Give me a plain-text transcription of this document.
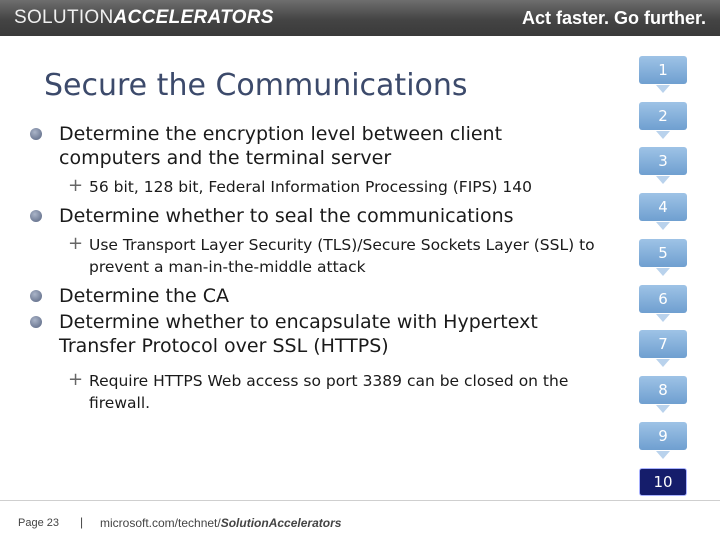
SOLUTIONACCELERATORS	Act faster. Go further.
Secure the Communications
Determine the encryption level between client computers and the terminal server
+ 56 bit, 128 bit, Federal Information Processing (FIPS) 140
Determine whether to seal the communications
+ Use Transport Layer Security (TLS)/Secure Sockets Layer (SSL) to prevent a man-in-the-middle attack
Determine the CA
Determine whether to encapsulate with Hypertext Transfer Protocol over SSL (HTTPS)
+ Require HTTPS Web access so port 3389 can be closed on the firewall.
1
2
3
4
5
6
7
8
9
10
Page 23 | microsoft.com/technet/SolutionAccelerators
